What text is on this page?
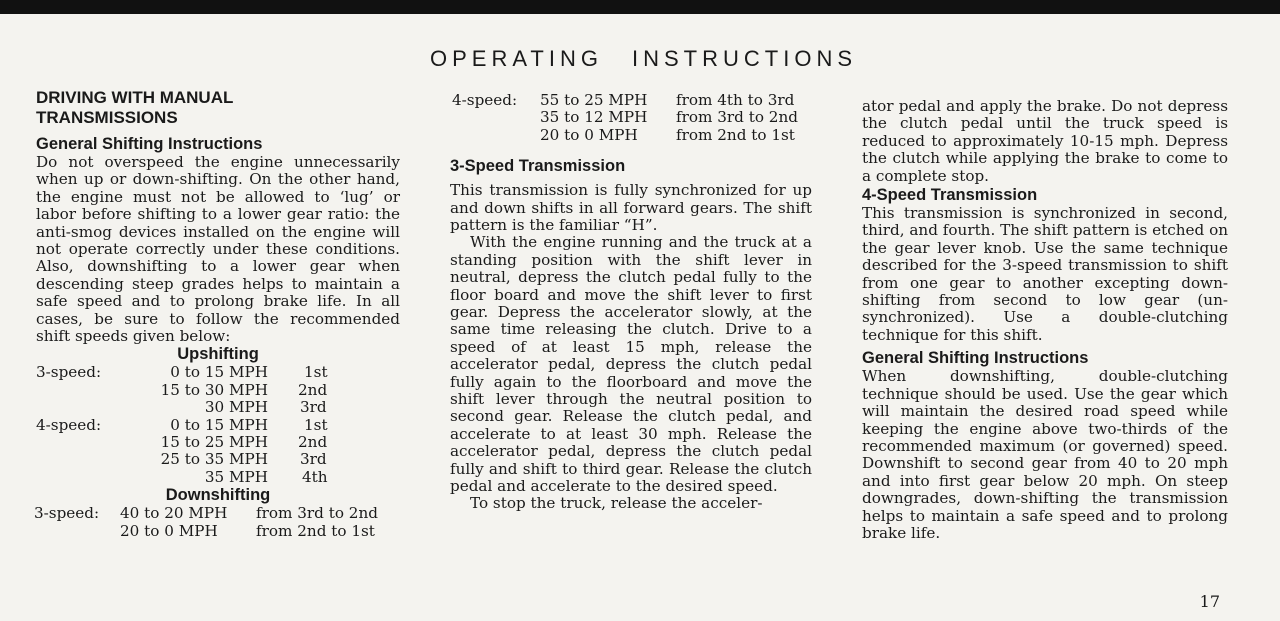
OPERATING INSTRUCTIONS
DRIVING WITH MANUAL
TRANSMISSIONS
General Shifting Instructions

Do not overspeed the engine unnecessarily when up or down-shifting. On the other hand, the engine must not be allowed to ‘lug’ or labor before shifting to a lower gear ratio: the anti-smog devices installed on the engine will not operate correctly under these conditions. Also, downshifting to a lower gear when descending steep grades helps to maintain a safe speed and to prolong brake life. In all cases, be sure to follow the recommended shift speeds given below:

Upshifting
3-speed:	0 to 15 MPH 1st
15 to 30 MPH 2nd
30 MPH 3rd
4-speed:	0 to 15 MPH 1st
15 to 25 MPH 2nd
25 to 35 MPH 3rd
35 MPH 4th
Downshifting
3-speed: 40 to 20 MPH from 3rd to 2nd
20 to 0 MPH	from 2nd to 1st
4-speed: 55 to 25 MPH from 4th to 3rd
35 to 12 MPH from 3rd to 2nd
20 to 0 MPH	from 2nd to 1st
3-Speed Transmission

This transmission is fully synchronized for up and down shifts in all forward gears. The shift pattern is the familiar “H”.

With the engine running and the truck at a standing position with the shift lever in neutral, depress the clutch pedal fully to the floor board and move the shift lever to first gear. Depress the accelerator slowly, at the same time releasing the clutch. Drive to a speed of at least 15 mph, release the accelerator pedal, depress the clutch pedal fully again to the floorboard and move the shift lever through the neutral position to second gear. Release the clutch pedal, and accelerate to at least 30 mph. Release the accelerator pedal, depress the clutch pedal fully and shift to third gear. Release the clutch pedal and accelerate to the desired speed.

To stop the truck, release the acceler-

ator pedal and apply the brake. Do not depress the clutch pedal until the truck speed is reduced to approximately 10-15 mph. Depress the clutch while applying the brake to come to a complete stop.

4-Speed Transmission

This transmission is synchronized in second, third, and fourth. The shift pattern is etched on the gear lever knob. Use the same technique described for the 3-speed transmission to shift from one gear to another excepting down-shifting from second to low gear (un-synchronized). Use a double-clutching technique for this shift.

General Shifting Instructions

When downshifting, double-clutching technique should be used. Use the gear which will maintain the desired road speed while keeping the engine above two-thirds of the recommended maximum (or governed) speed. Downshift to second gear from 40 to 20 mph and into first gear below 20 mph. On steep downgrades, down-shifting the transmission helps to maintain a safe speed and to prolong brake life.

17
